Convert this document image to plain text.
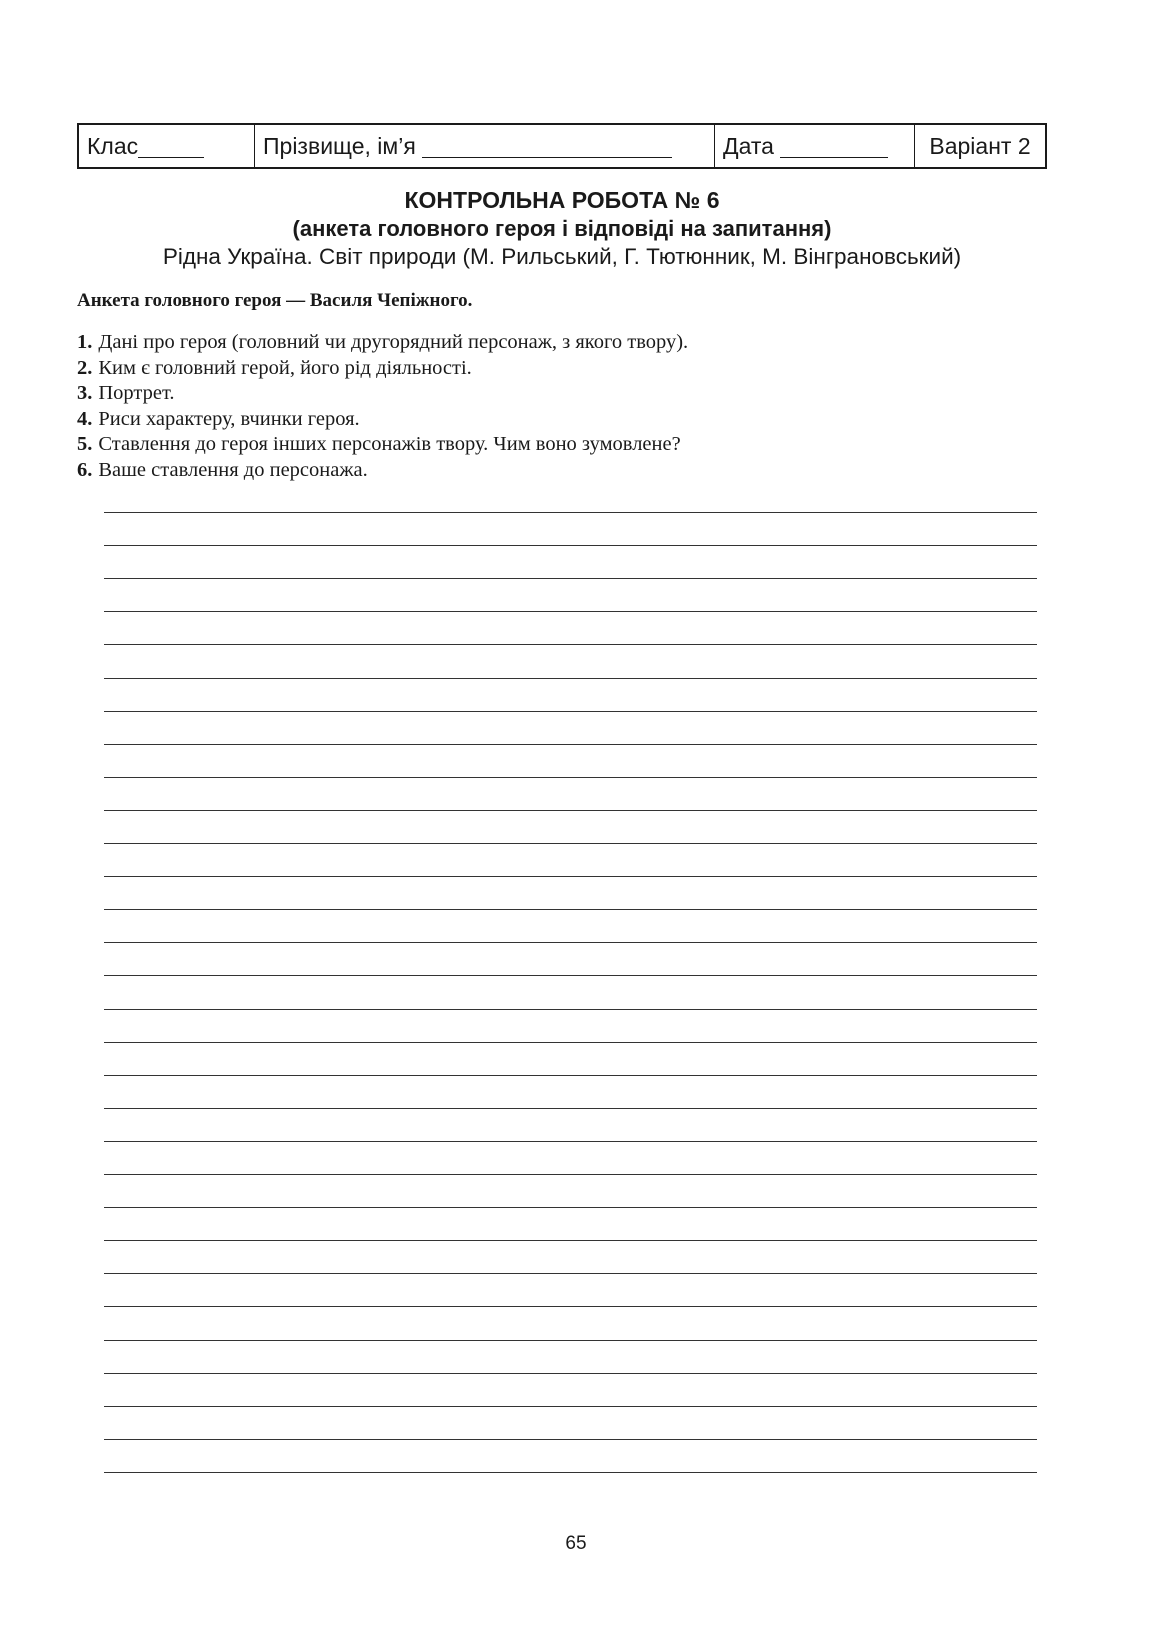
Клас	Прізвище, ім’я	Дата	Варіант 2
КОНТРОЛЬНА РОБОТА № 6
(анкета головного героя і відповіді на запитання)
Рідна Україна. Світ природи (М. Рильський, Г. Тютюнник, М. Вінграновський)
Анкета головного героя — Василя Чепіжного.
1. Дані про героя (головний чи другорядний персонаж, з якого твору).
2. Ким є головний герой, його рід діяльності.
3. Портрет.
4. Риси характеру, вчинки героя.
5. Ставлення до героя інших персонажів твору. Чим воно зумовлене?
6. Ваше ставлення до персонажа.
65
